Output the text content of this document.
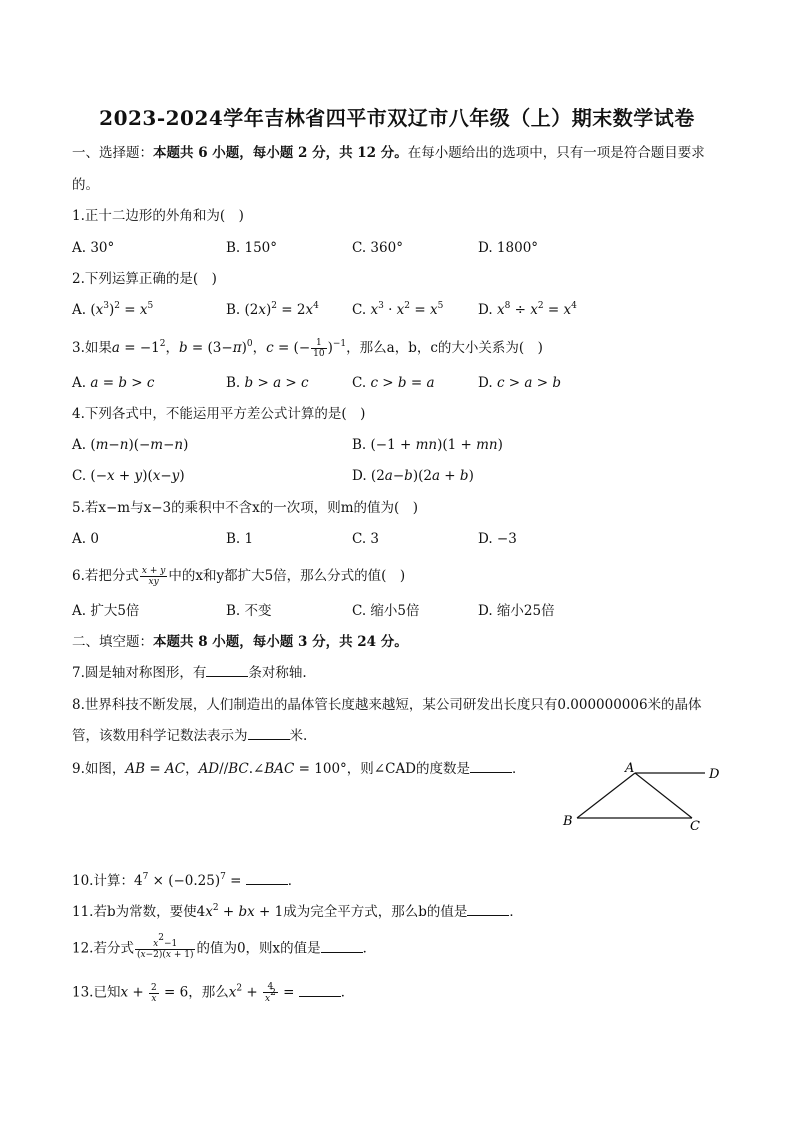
2023-2024学年吉林省四平市双辽市八年级（上）期末数学试卷
一、选择题：本题共 6 小题，每小题 2 分，共 12 分。在每小题给出的选项中，只有一项是符合题目要求
的。
1.正十二边形的外角和为(　)
A. 30°	B. 150°	C. 360°	D. 1800°
2.下列运算正确的是(　)
A. $(x^3)^2 = x^5$	B. $(2x)^2 = 2x^4$ C. $x^3 \cdot x^2 = x^5$	D. $x^8 \div x^2 = x^4$
3.如果$a = -1^2$，$b = (3-\pi)^0$，c = (− $\frac{1}{10} )^{-1}$，那么a，b，c的大小关系为(　)
A. a = b > c	B. b > a > c	C. c > b = a	D. c > a > b
4.下列各式中，不能运用平方差公式计算的是(　)
A. (m−n)(−m−n)	B. (−1 + mn)(1 + mn)
C. (−x + y)(x−y)	D. (2a−b)(2a + b)
5.若x−m与x−3的乘积中不含x的一次项，则m的值为(　)
A. 0	B. 1	C. 3	D. −3
6.若把分式 $\frac{x + y}{xy}$ 中的x和y都扩大5倍，那么分式的值(　)
A. 扩大5倍	B. 不变	C. 缩小5倍	D. 缩小25倍
二、填空题：本题共 8 小题，每小题 3 分，共 24 分。
7.圆是轴对称图形，有	条对称轴.
8.世界科技不断发展，人们制造出的晶体管长度越来越短，某公司研发出长度只有0.000000006米的晶体
管，该数用科学记数法表示为	米.
9.如图，AB = AC，AD//BC.∠BAC = 100°，则∠CAD的度数是	．	A	D
B	C
10.计算：$4^7 \times (-0.25)^7$ =	．
11.若b为常数，要使$4x^2$ + bx + 1成为完全平方式，那么b的值是	．
12.若分式 $\frac{x^2-1}{(x-2)(x + 1)}$ 的值为0，则x的值是	．
13.已知$x + \frac{2}{x} = 6$，那么$x^2 + \frac{4}{x^2}$ =	．
